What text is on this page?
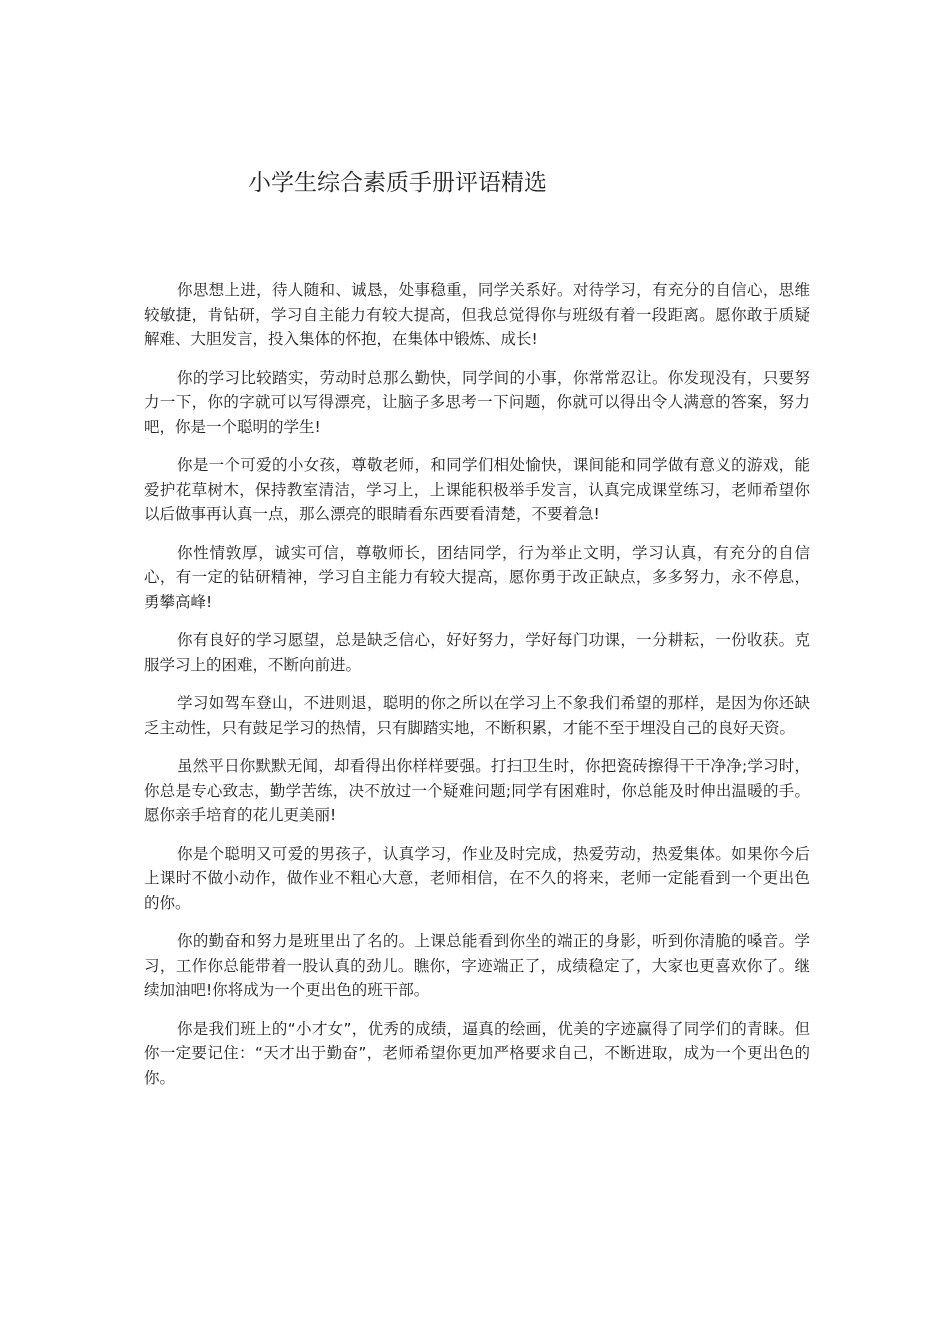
小学生综合素质手册评语精选

你思想上进，待人随和、诚恳，处事稳重，同学关系好。对待学习，有充分的自信心，思维较敏捷，肯钻研，学习自主能力有较大提高，但我总觉得你与班级有着一段距离。愿你敢于质疑解难、大胆发言，投入集体的怀抱，在集体中锻炼、成长!

你的学习比较踏实，劳动时总那么勤快，同学间的小事，你常常忍让。你发现没有，只要努力一下，你的字就可以写得漂亮，让脑子多思考一下问题，你就可以得出令人满意的答案，努力吧，你是一个聪明的学生!

你是一个可爱的小女孩，尊敬老师，和同学们相处愉快，课间能和同学做有意义的游戏，能爱护花草树木，保持教室清洁，学习上，上课能积极举手发言，认真完成课堂练习，老师希望你以后做事再认真一点，那么漂亮的眼睛看东西要看清楚，不要着急!

你性情敦厚，诚实可信，尊敬师长，团结同学，行为举止文明，学习认真，有充分的自信心，有一定的钻研精神，学习自主能力有较大提高，愿你勇于改正缺点，多多努力，永不停息，勇攀高峰!

你有良好的学习愿望，总是缺乏信心，好好努力，学好每门功课，一分耕耘，一份收获。克服学习上的困难，不断向前进。

学习如驾车登山，不进则退，聪明的你之所以在学习上不象我们希望的那样，是因为你还缺乏主动性，只有鼓足学习的热情，只有脚踏实地，不断积累，才能不至于埋没自己的良好天资。

虽然平日你默默无闻，却看得出你样样要强。打扫卫生时，你把瓷砖擦得干干净净;学习时，你总是专心致志，勤学苦练，决不放过一个疑难问题;同学有困难时，你总能及时伸出温暖的手。愿你亲手培育的花儿更美丽!

你是个聪明又可爱的男孩子，认真学习，作业及时完成，热爱劳动，热爱集体。如果你今后上课时不做小动作，做作业不粗心大意，老师相信，在不久的将来，老师一定能看到一个更出色的你。

你的勤奋和努力是班里出了名的。上课总能看到你坐的端正的身影，听到你清脆的嗓音。学习，工作你总能带着一股认真的劲儿。瞧你，字迹端正了，成绩稳定了，大家也更喜欢你了。继续加油吧!你将成为一个更出色的班干部。

你是我们班上的“小才女”，优秀的成绩，逼真的绘画，优美的字迹赢得了同学们的青睐。但你一定要记住：“天才出于勤奋”，老师希望你更加严格要求自己，不断进取，成为一个更出色的你。
